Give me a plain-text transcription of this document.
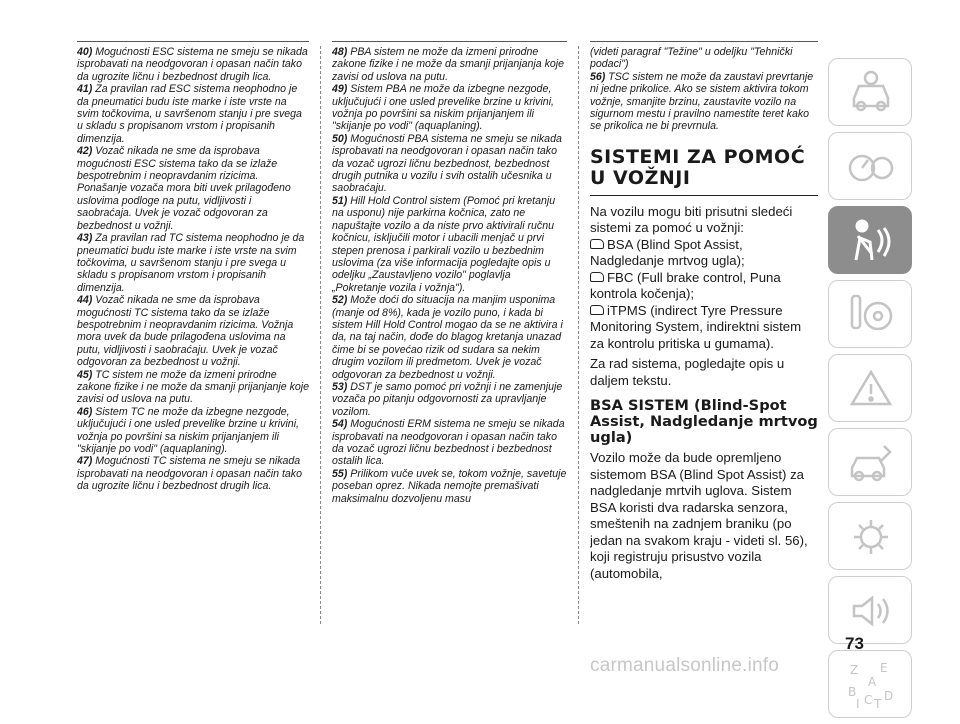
40) Mogućnosti ESC sistema ne smeju se nikada isprobavati na neodgovoran i opasan način tako da ugrozite ličnu i bezbednost drugih lica.

41) Za pravilan rad ESC sistema neophodno je da pneumatici budu iste marke i iste vrste na svim točkovima, u savršenom stanju i pre svega u skladu s propisanom vrstom i propisanih dimenzija.

42) Vozač nikada ne sme da isprobava mogućnosti ESC sistema tako da se izlaže bespotrebnim i neopravdanim rizicima. Ponašanje vozača mora biti uvek prilagođeno uslovima podloge na putu, vidljivosti i saobraćaja. Uvek je vozač odgovoran za bezbednost u vožnji.

43) Za pravilan rad TC sistema neophodno je da pneumatici budu iste marke i iste vrste na svim točkovima, u savršenom stanju i pre svega u skladu s propisanom vrstom i propisanih dimenzija.

44) Vozač nikada ne sme da isprobava mogućnosti TC sistema tako da se izlaže bespotrebnim i neopravdanim rizicima. Vožnja mora uvek da bude prilagođena uslovima na putu, vidljivosti i saobraćaju. Uvek je vozač odgovoran za bezbednost u vožnji.

45) TC sistem ne može da izmeni prirodne zakone fizike i ne može da smanji prijanjanje koje zavisi od uslova na putu.

46) Sistem TC ne može da izbegne nezgode, uključujući i one usled prevelike brzine u krivini, vožnja po površini sa niskim prijanjanjem ili "skijanje po vodi" (aquaplaning).

47) Mogućnosti TC sistema ne smeju se nikada isprobavati na neodgovoran i opasan način tako da ugrozite ličnu i bezbednost drugih lica.

48) PBA sistem ne može da izmeni prirodne zakone fizike i ne može da smanji prijanjanja koje zavisi od uslova na putu.

49) Sistem PBA ne može da izbegne nezgode, uključujući i one usled prevelike brzine u krivini, vožnja po površini sa niskim prijanjanjem ili "skijanje po vodi" (aquaplaning).

50) Mogućnosti PBA sistema ne smeju se nikada isprobavati na neodgovoran i opasan način tako da vozač ugrozi ličnu bezbednost, bezbednost drugih putnika u vozilu i svih ostalih učesnika u saobraćaju.

51) Hill Hold Control sistem (Pomoć pri kretanju na usponu) nije parkirna kočnica, zato ne napuštajte vozilo a da niste prvo aktivirali ručnu kočnicu, isključili motor i ubacili menjač u prvi stepen prenosa i parkirali vozilo u bezbednim uslovima (za više informacija pogledajte opis u odeljku „Zaustavljeno vozilo" poglavlja „Pokretanje vozila i vožnja").

52) Može doći do situacija na manjim usponima (manje od 8%), kada je vozilo puno, i kada bi sistem Hill Hold Control mogao da se ne aktivira i da, na taj način, dođe do blagog kretanja unazad čime bi se povećao rizik od sudara sa nekim drugim vozilom ili predmetom. Uvek je vozač odgovoran za bezbednost u vožnji.

53) DST je samo pomoć pri vožnji i ne zamenjuje vozača po pitanju odgovornosti za upravljanje vozilom.

54) Mogućnosti ERM sistema ne smeju se nikada isprobavati na neodgovoran i opasan način tako da vozač ugrozi ličnu bezbednost i bezbednost ostalih lica.

55) Prilikom vuče uvek se, tokom vožnje, savetuje poseban oprez. Nikada nemojte premašivati maksimalnu dozvoljenu masu

(videti paragraf "Težine" u odeljku "Tehnički podaci")

56) TSC sistem ne može da zaustavi prevrtanje ni jedne prikolice. Ako se sistem aktivira tokom vožnje, smanjite brzinu, zaustavite vozilo na sigurnom mestu i pravilno namestite teret kako se prikolica ne bi prevrnula.

SISTEMI ZA POMOĆ U VOŽNJI

Na vozilu mogu biti prisutni sledeći sistemi za pomoć u vožnji:

BSA (Blind Spot Assist, Nadgledanje mrtvog ugla);

FBC (Full brake control, Puna kontrola kočenja);

iTPMS (indirect Tyre Pressure Monitoring System, indirektni sistem za kontrolu pritiska u gumama).

Za rad sistema, pogledajte opis u daljem tekstu.

BSA SISTEM (Blind-Spot Assist, Nadgledanje mrtvog ugla)

Vozilo može da bude opremljeno sistemom BSA (Blind Spot Assist) za nadgledanje mrtvih uglova. Sistem BSA koristi dva radarska senzora, smeštenih na zadnjem braniku (po jedan na svakom kraju - videti sl. 56), koji registruju prisustvo vozila (automobila,

Z E
A
B
C D
I T
73
carmanualsonline.info
